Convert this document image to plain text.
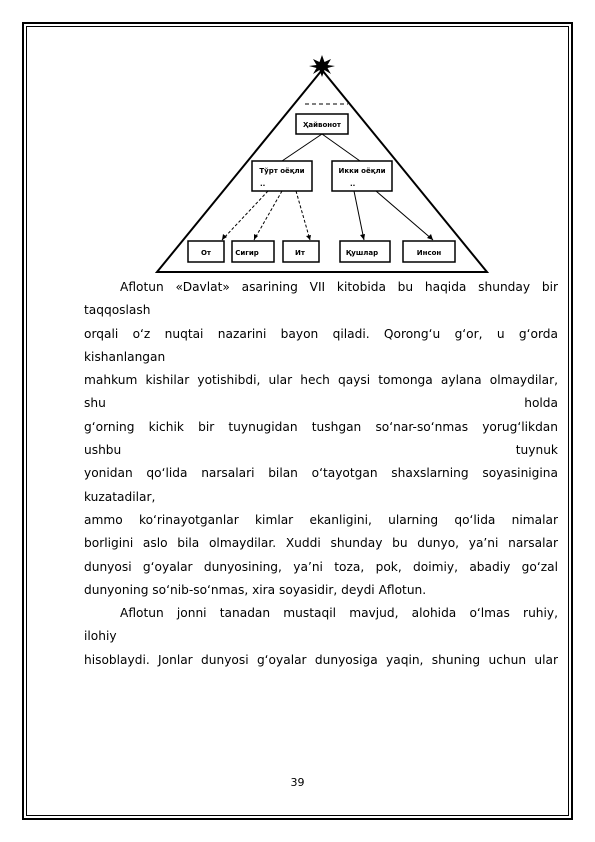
Ҳайвонот
Тўрт оёқли
..
Икки оёқли
..
От	Сигир	Ит	Қушлар	Инсон
Aflotun «Davlat» asarining VII kitobida bu haqida shunday bir
taqqoslash
orqali o‘z nuqtai nazarini bayon qiladi. Qorong‘u g‘or, u g‘orda
kishanlangan
mahkum kishilar yotishibdi, ular hech qaysi tomonga aylana olmaydilar,
shu holda
g‘orning kichik bir tuynugidan tushgan so‘nar-so‘nmas yorug‘likdan
ushbu tuynuk
yonidan qo‘lida narsalari bilan o‘tayotgan shaxslarning soyasinigina
kuzatadilar,
ammo ko‘rinayotganlar kimlar ekanligini, ularning qo‘lida nimalar
borligini aslo bila olmaydilar. Xuddi shunday bu dunyo, ya’ni narsalar
dunyosi g‘oyalar dunyosining, ya’ni toza, pok, doimiy, abadiy go‘zal
dunyoning so‘nib-so‘nmas, xira soyasidir, deydi Aflotun.
Aflotun jonni tanadan mustaqil mavjud, alohida o‘lmas ruhiy,
ilohiy
hisoblaydi. Jonlar dunyosi g‘oyalar dunyosiga yaqin, shuning uchun ular
39
